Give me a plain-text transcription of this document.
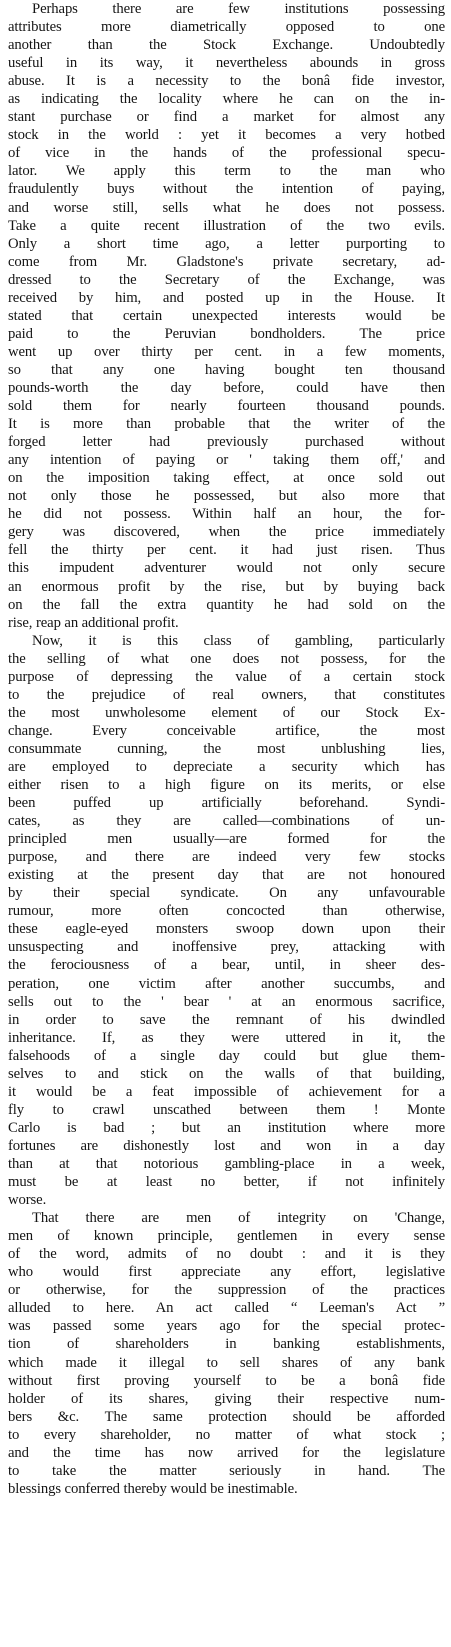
Perhaps there are few institutions possessing
attributes more diametrically opposed to one
another than the Stock Exchange. Undoubtedly
useful in its way, it nevertheless abounds in gross
abuse. It is a necessity to the bonâ fide investor,
as indicating the locality where he can on the in-
stant purchase or find a market for almost any
stock in the world : yet it becomes a very hotbed
of vice in the hands of the professional specu-
lator. We apply this term to the man who
fraudulently buys without the intention of paying,
and worse still, sells what he does not possess.
Take a quite recent illustration of the two evils.
Only a short time ago, a letter purporting to
come from Mr. Gladstone's private secretary, ad-
dressed to the Secretary of the Exchange, was
received by him, and posted up in the House. It
stated that certain unexpected interests would be
paid to the Peruvian bondholders. The price
went up over thirty per cent. in a few moments,
so that any one having bought ten thousand
pounds-worth the day before, could have then
sold them for nearly fourteen thousand pounds.
It is more than probable that the writer of the
forged letter had previously purchased without
any intention of paying or ' taking them off,' and
on the imposition taking effect, at once sold out
not only those he possessed, but also more that
he did not possess. Within half an hour, the for-
gery was discovered, when the price immediately
fell the thirty per cent. it had just risen. Thus
this impudent adventurer would not only secure
an enormous profit by the rise, but by buying back
on the fall the extra quantity he had sold on the
rise, reap an additional profit.
Now, it is this class of gambling, particularly
the selling of what one does not possess, for the
purpose of depressing the value of a certain stock
to the prejudice of real owners, that constitutes
the most unwholesome element of our Stock Ex-
change. Every conceivable artifice, the most
consummate cunning, the most unblushing lies,
are employed to depreciate a security which has
either risen to a high figure on its merits, or else
been puffed up artificially beforehand. Syndi-
cates, as they are called—combinations of un-
principled men usually—are formed for the
purpose, and there are indeed very few stocks
existing at the present day that are not honoured
by their special syndicate. On any unfavourable
rumour, more often concocted than otherwise,
these eagle-eyed monsters swoop down upon their
unsuspecting and inoffensive prey, attacking with
the ferociousness of a bear, until, in sheer des-
peration, one victim after another succumbs, and
sells out to the ' bear ' at an enormous sacrifice,
in order to save the remnant of his dwindled
inheritance. If, as they were uttered in it, the
falsehoods of a single day could but glue them-
selves to and stick on the walls of that building,
it would be a feat impossible of achievement for a
fly to crawl unscathed between them ! Monte
Carlo is bad ; but an institution where more
fortunes are dishonestly lost and won in a day
than at that notorious gambling-place in a week,
must be at least no better, if not infinitely
worse.
That there are men of integrity on 'Change,
men of known principle, gentlemen in every sense
of the word, admits of no doubt : and it is they
who would first appreciate any effort, legislative
or otherwise, for the suppression of the practices
alluded to here. An act called “ Leeman's Act ”
was passed some years ago for the special protec-
tion of shareholders in banking establishments,
which made it illegal to sell shares of any bank
without first proving yourself to be a bonâ fide
holder of its shares, giving their respective num-
bers &c. The same protection should be afforded
to every shareholder, no matter of what stock ;
and the time has now arrived for the legislature
to take the matter seriously in hand. The
blessings conferred thereby would be inestimable.
